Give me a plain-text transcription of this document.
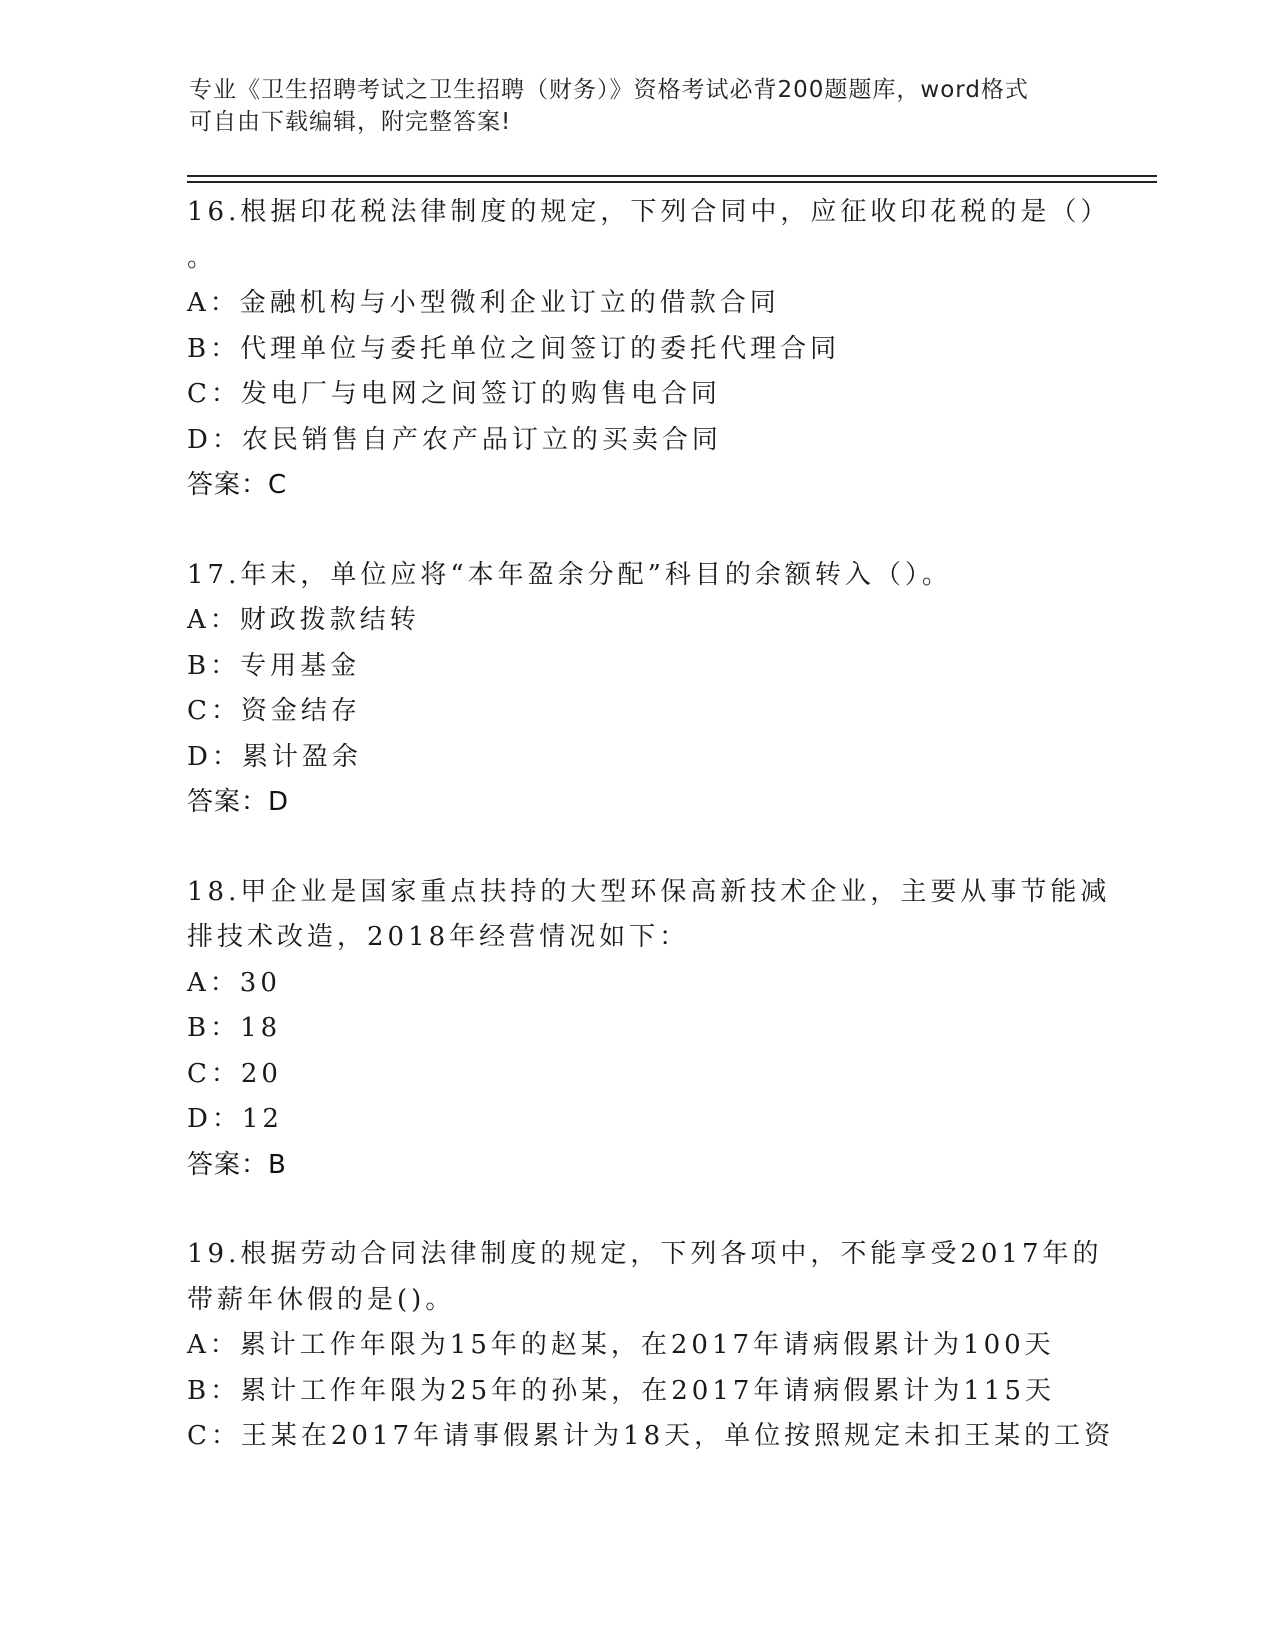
专业《卫生招聘考试之卫生招聘（财务）》资格考试必背200题题库，word格式
可自由下载编辑，附完整答案!
16.根据印花税法律制度的规定，下列合同中，应征收印花税的是（）
。
A：金融机构与小型微利企业订立的借款合同
B：代理单位与委托单位之间签订的委托代理合同
C：发电厂与电网之间签订的购售电合同
D：农民销售自产农产品订立的买卖合同
答案：C
17.年末，单位应将“本年盈余分配”科目的余额转入（）。
A：财政拨款结转
B：专用基金
C：资金结存
D：累计盈余
答案：D
18.甲企业是国家重点扶持的大型环保高新技术企业，主要从事节能减
排技术改造，2018年经营情况如下：
A：30
B：18
C：20
D：12
答案：B
19.根据劳动合同法律制度的规定，下列各项中，不能享受2017年的
带薪年休假的是()。
A：累计工作年限为15年的赵某，在2017年请病假累计为100天
B：累计工作年限为25年的孙某，在2017年请病假累计为115天
C：王某在2017年请事假累计为18天，单位按照规定未扣王某的工资
